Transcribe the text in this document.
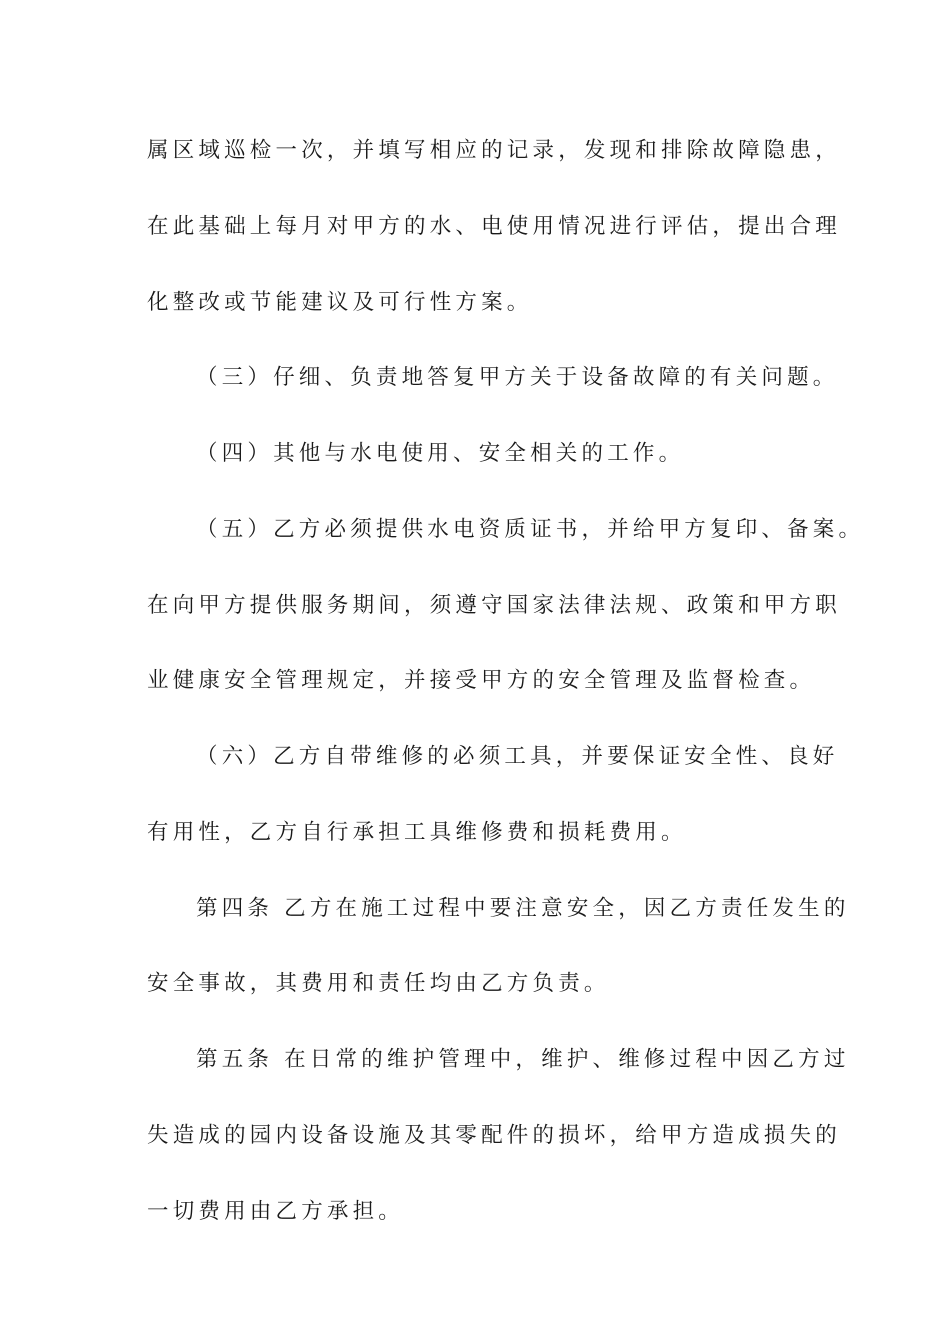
属区域巡检一次，并填写相应的记录，发现和排除故障隐患，
在此基础上每月对甲方的水、电使用情况进行评估，提出合理
化整改或节能建议及可行性方案。
（三）仔细、负责地答复甲方关于设备故障的有关问题。
（四）其他与水电使用、安全相关的工作。
（五）乙方必须提供水电资质证书，并给甲方复印、备案。
在向甲方提供服务期间，须遵守国家法律法规、政策和甲方职
业健康安全管理规定，并接受甲方的安全管理及监督检查。
（六）乙方自带维修的必须工具，并要保证安全性、良好
有用性，乙方自行承担工具维修费和损耗费用。
第四条 乙方在施工过程中要注意安全，因乙方责任发生的
安全事故，其费用和责任均由乙方负责。
第五条 在日常的维护管理中，维护、维修过程中因乙方过
失造成的园内设备设施及其零配件的损坏，给甲方造成损失的
一切费用由乙方承担。
